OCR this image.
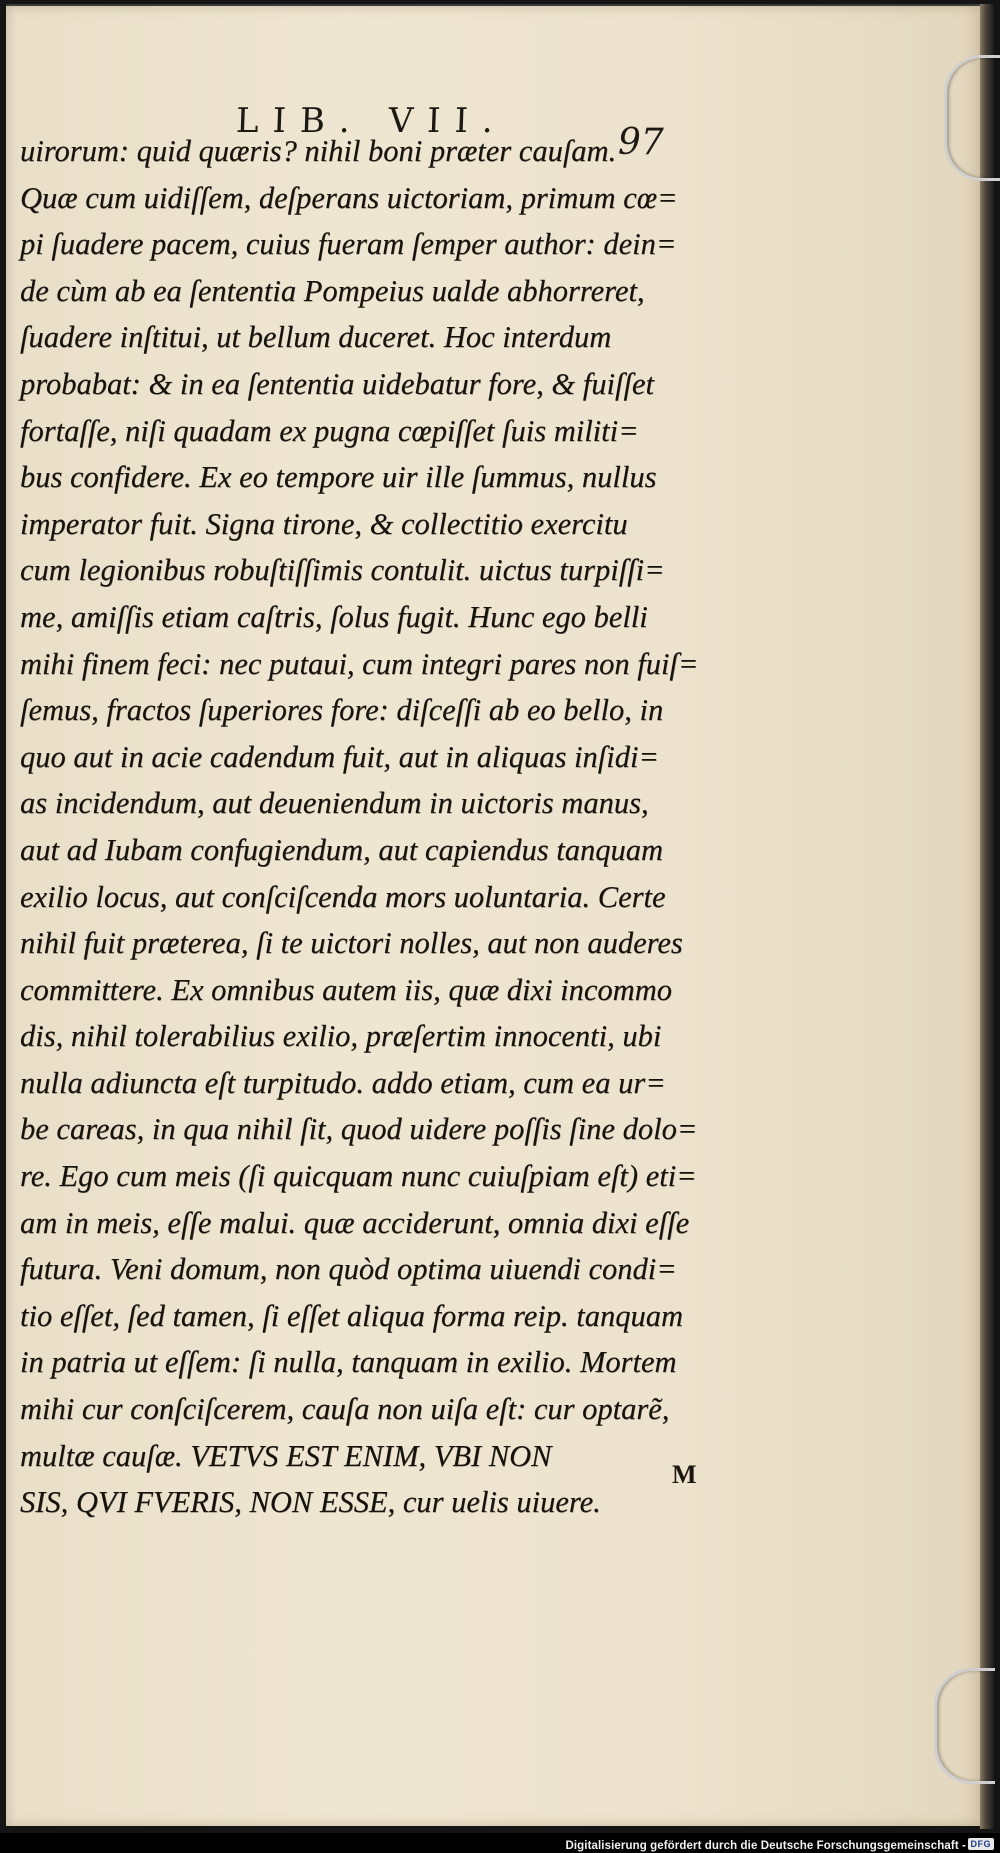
LIB. VII.
97
uirorum: quid quæris? nihil boni præter cauſam.
Quæ cum uidiſſem, deſperans uictoriam, primum cœ=
pi ſuadere pacem, cuius fueram ſemper author: dein=
de cùm ab ea ſententia Pompeius ualde abhorreret,
ſuadere inſtitui, ut bellum duceret. Hoc interdum
probabat: & in ea ſententia uidebatur fore, & fuiſſet
fortaſſe, niſi quadam ex pugna cœpiſſet ſuis militi=
bus confidere. Ex eo tempore uir ille ſummus, nullus
imperator fuit. Signa tirone, & collectitio exercitu
cum legionibus robuſtiſſimis contulit. uictus turpiſſi=
me, amiſſis etiam caſtris, ſolus fugit. Hunc ego belli
mihi finem feci: nec putaui, cum integri pares non fuiſ=
ſemus, fractos ſuperiores fore: diſceſſi ab eo bello, in
quo aut in acie cadendum fuit, aut in aliquas inſidi=
as incidendum, aut deueniendum in uictoris manus,
aut ad Iubam confugiendum, aut capiendus tanquam
exilio locus, aut conſciſcenda mors uoluntaria. Certe
nihil fuit præterea, ſi te uictori nolles, aut non auderes
committere. Ex omnibus autem iis, quæ dixi incommo
dis, nihil tolerabilius exilio, præſertim innocenti, ubi
nulla adiuncta eſt turpitudo. addo etiam, cum ea ur=
be careas, in qua nihil ſit, quod uidere poſſis ſine dolo=
re. Ego cum meis (ſi quicquam nunc cuiuſpiam eſt) eti=
am in meis, eſſe malui. quæ acciderunt, omnia dixi eſſe
futura. Veni domum, non quòd optima uiuendi condi=
tio eſſet, ſed tamen, ſi eſſet aliqua forma reip. tanquam
in patria ut eſſem: ſi nulla, tanquam in exilio. Mortem
mihi cur conſciſcerem, cauſa non uiſa eſt: cur optarẽ,
multæ cauſæ. VETVS EST ENIM, VBI NON
SIS, QVI FVERIS, NON ESSE, cur uelis uiuere.
M
Digitalisierung gefördert durch die Deutsche Forschungsgemeinschaft - DFG
